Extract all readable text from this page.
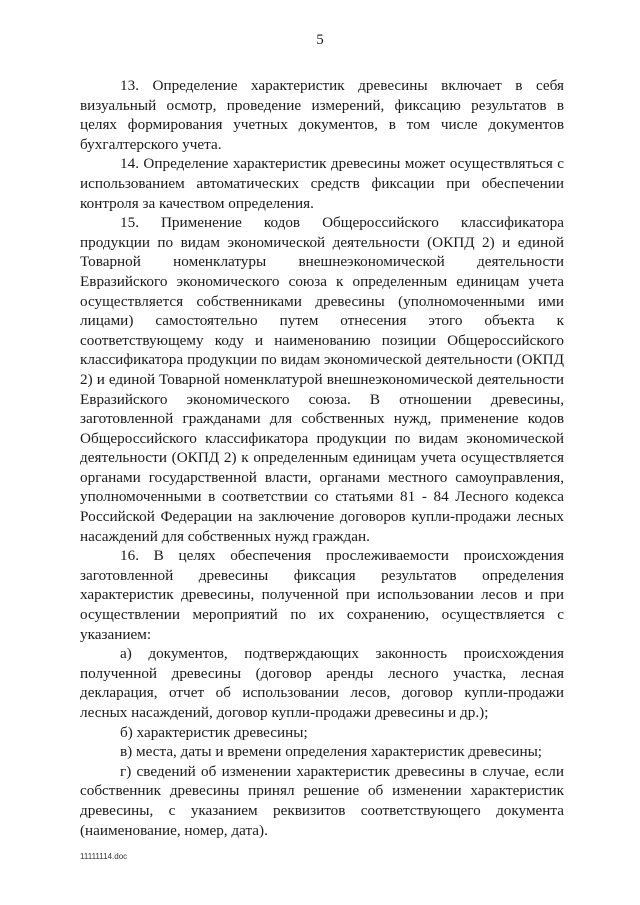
5

13. Определение характеристик древесины включает в себя визуальный осмотр, проведение измерений, фиксацию результатов в целях формирования учетных документов, в том числе документов бухгалтерского учета.

14. Определение характеристик древесины может осуществляться с использованием автоматических средств фиксации при обеспечении контроля за качеством определения.

15. Применение кодов Общероссийского классификатора продукции по видам экономической деятельности (ОКПД 2) и единой Товарной номенклатуры внешнеэкономической деятельности Евразийского экономического союза к определенным единицам учета осуществляется собственниками древесины (уполномоченными ими лицами) самостоятельно путем отнесения этого объекта к соответствующему коду и наименованию позиции Общероссийского классификатора продукции по видам экономической деятельности (ОКПД 2) и единой Товарной номенклатурой внешнеэкономической деятельности Евразийского экономического союза. В отношении древесины, заготовленной гражданами для собственных нужд, применение кодов Общероссийского классификатора продукции по видам экономической деятельности (ОКПД 2) к определенным единицам учета осуществляется органами государственной власти, органами местного самоуправления, уполномоченными в соответствии со статьями 81 - 84 Лесного кодекса Российской Федерации на заключение договоров купли-продажи лесных насаждений для собственных нужд граждан.

16. В целях обеспечения прослеживаемости происхождения заготовленной древесины фиксация результатов определения характеристик древесины, полученной при использовании лесов и при осуществлении мероприятий по их сохранению, осуществляется с указанием:

а) документов, подтверждающих законность происхождения полученной древесины (договор аренды лесного участка, лесная декларация, отчет об использовании лесов, договор купли-продажи лесных насаждений, договор купли-продажи древесины и др.);

б) характеристик древесины;

в) места, даты и времени определения характеристик древесины;

г) сведений об изменении характеристик древесины в случае, если собственник древесины принял решение об изменении характеристик древесины, с указанием реквизитов соответствующего документа (наименование, номер, дата).

11111114.doc
